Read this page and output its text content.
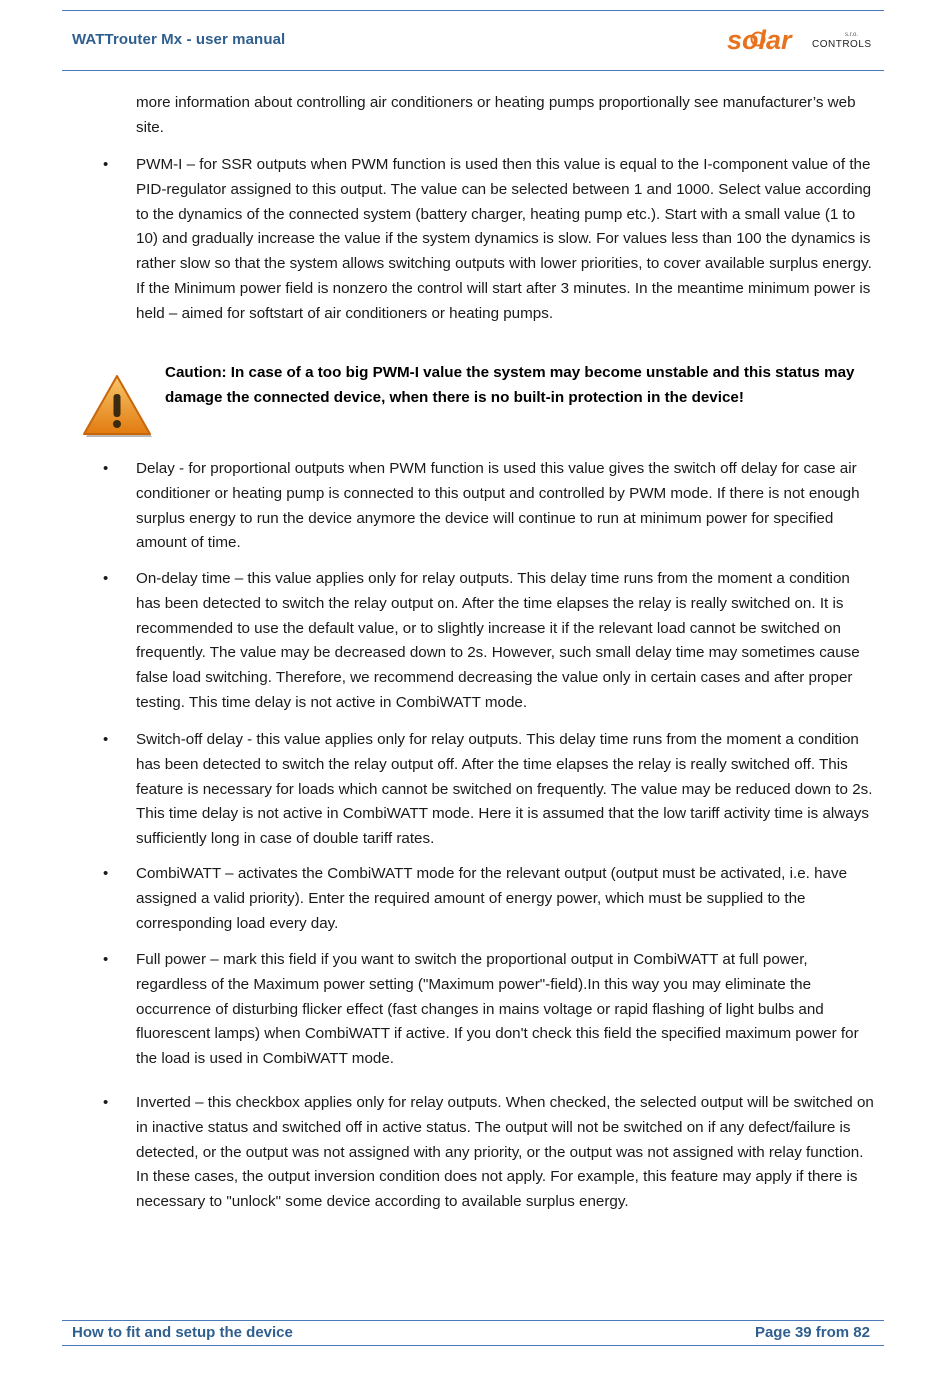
WATTrouter Mx - user manual	solar CONTROLS
s.r.o.
more information about controlling air conditioners or heating pumps proportionally see manufacturer’s web site.
• PWM-I – for SSR outputs when PWM function is used then this value is equal to the I-component value of the PID-regulator assigned to this output. The value can be selected between 1 and 1000. Select value according to the dynamics of the connected system (battery charger, heating pump etc.). Start with a small value (1 to 10) and gradually increase the value if the system dynamics is slow. For values less than 100 the dynamics is rather slow so that the system allows switching outputs with lower priorities, to cover available surplus energy. If the Minimum power field is nonzero the control will start after 3 minutes. In the meantime minimum power is held – aimed for softstart of air conditioners or heating pumps.
Caution: In case of a too big PWM-I value the system may become unstable and this status may damage the connected device, when there is no built-in protection in the device!
• Delay - for proportional outputs when PWM function is used this value gives the switch off delay for case air conditioner or heating pump is connected to this output and controlled by PWM mode. If there is not enough surplus energy to run the device anymore the device will continue to run at minimum power for specified amount of time.
• On-delay time – this value applies only for relay outputs. This delay time runs from the moment a condition has been detected to switch the relay output on. After the time elapses the relay is really switched on. It is recommended to use the default value, or to slightly increase it if the relevant load cannot be switched on frequently. The value may be decreased down to 2s. However, such small delay time may sometimes cause false load switching. Therefore, we recommend decreasing the value only in certain cases and after proper testing. This time delay is not active in CombiWATT mode.
• Switch-off delay - this value applies only for relay outputs. This delay time runs from the moment a condition has been detected to switch the relay output off. After the time elapses the relay is really switched off. This feature is necessary for loads which cannot be switched on frequently. The value may be reduced down to 2s. This time delay is not active in CombiWATT mode. Here it is assumed that the low tariff activity time is always sufficiently long in case of double tariff rates.
• CombiWATT – activates the CombiWATT mode for the relevant output (output must be activated, i.e. have assigned a valid priority). Enter the required amount of energy power, which must be supplied to the corresponding load every day.
• Full power – mark this field if you want to switch the proportional output in CombiWATT at full power, regardless of the Maximum power setting ("Maximum power"-field).In this way you may eliminate the occurrence of disturbing flicker effect (fast changes in mains voltage or rapid flashing of light bulbs and fluorescent lamps) when CombiWATT if active. If you don't check this field the specified maximum power for the load is used in CombiWATT mode.
• Inverted – this checkbox applies only for relay outputs. When checked, the selected output will be switched on in inactive status and switched off in active status. The output will not be switched on if any defect/failure is detected, or the output was not assigned with any priority, or the output was not assigned with relay function. In these cases, the output inversion condition does not apply. For example, this feature may apply if there is necessary to "unlock" some device according to available surplus energy.
How to fit and setup the device	Page 39 from 82
